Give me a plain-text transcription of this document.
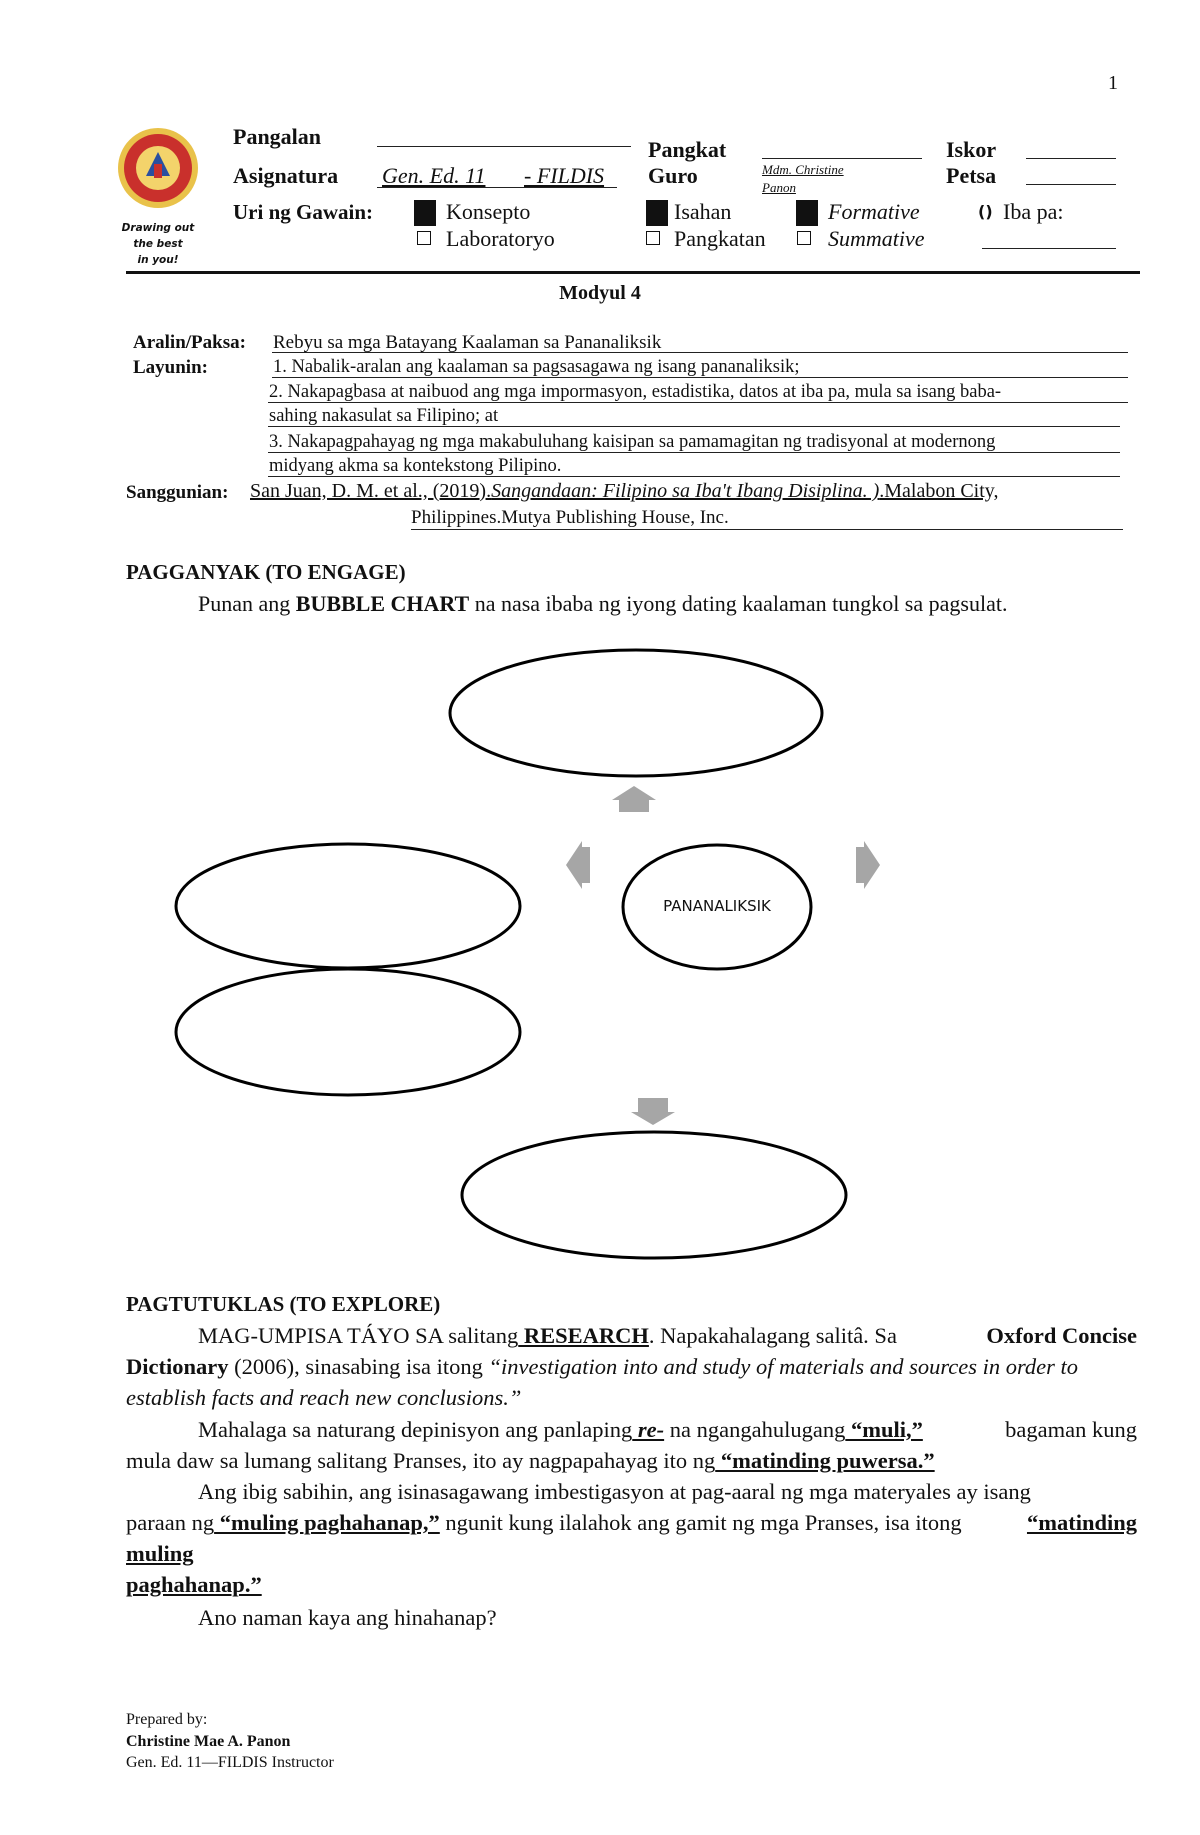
1
Drawing out
the best
in you!
Pangalan
Asignatura Gen. Ed. 11 - FILDIS
Pangkat
Guro	Mdm. Christine
Panon
Iskor
Petsa
Uri ng Gawain:	Konsepto
Laboratoryo
Isahan
Pangkatan
Formative
Summative
() Iba pa:
Modyul 4
Aralin/Paksa: Rebyu sa mga Batayang Kaalaman sa Pananaliksik
Layunin:	1. Nabalik-aralan ang kaalaman sa pagsasagawa ng isang pananaliksik;
2. Nakapagbasa at naibuod ang mga impormasyon, estadistika, datos at iba pa, mula sa isang baba-
sahing nakasulat sa Filipino; at
3. Nakapagpahayag ng mga makabuluhang kaisipan sa pamamagitan ng tradisyonal at modernong
midyang akma sa kontekstong Pilipino.
Sanggunian: San Juan, D. M. et al., (2019).Sangandaan: Filipino sa Iba't Ibang Disiplina. ).Malabon City,
Philippines.Mutya Publishing House, Inc.
PAGGANYAK (TO ENGAGE)
Punan ang BUBBLE CHART na nasa ibaba ng iyong dating kaalaman tungkol sa pagsulat.
PANANALIKSIK
PAGTUTUKLAS (TO EXPLORE)
MAG-UMPISA TÁYO SA salitang RESEARCH. Napakahalagang salitâ. Sa	Oxford Concise
Dictionary (2006), sinasabing isa itong “investigation into and study of materials and sources in order to
establish facts and reach new conclusions.”
Mahalaga sa naturang depinisyon ang panlaping re- na ngangahulugang “muli,”	bagaman kung
mula daw sa lumang salitang Pranses, ito ay nagpapahayag ito ng “matinding puwersa.”
Ang ibig sabihin, ang isinasagawang imbestigasyon at pag-aaral ng mga materyales ay isang
paraan ng “muling paghahanap,” ngunit kung ilalahok ang gamit ng mga Pranses, isa itong	“matinding
muling
paghahanap.”
Ano naman kaya ang hinahanap?
Prepared by:
Christine Mae A. Panon
Gen. Ed. 11—FILDIS Instructor
